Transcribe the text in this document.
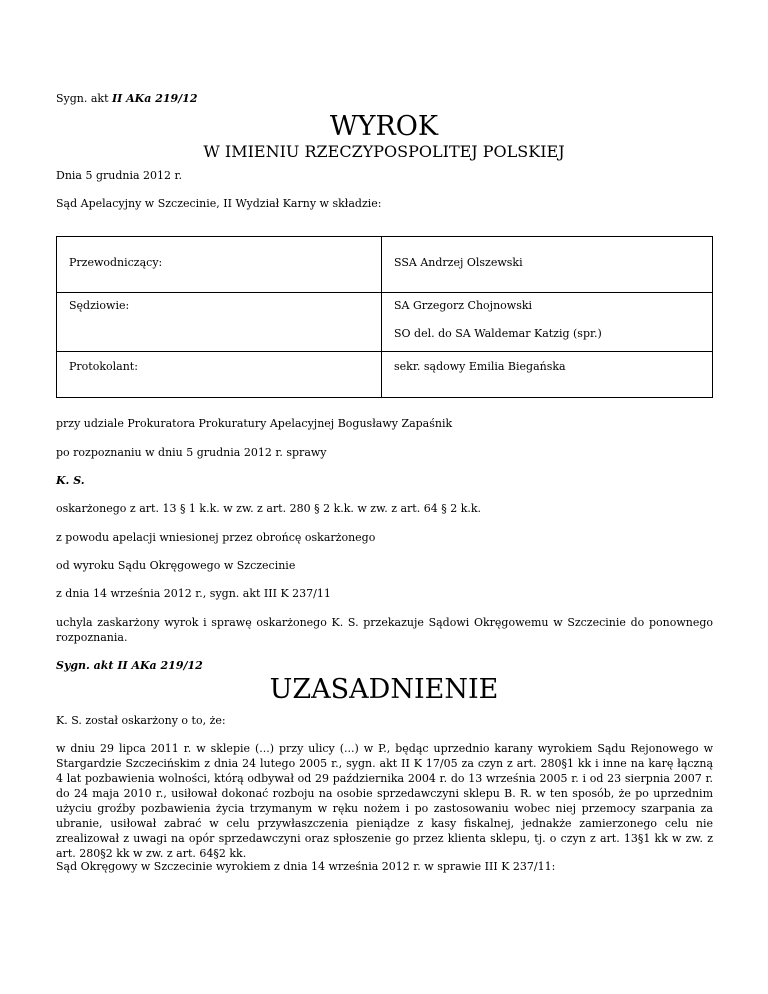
Sygn. akt II AKa 219/12
WYROK
W IMIENIU RZECZYPOSPOLITEJ POLSKIEJ
Dnia 5 grudnia 2012 r.
Sąd Apelacyjny w Szczecinie, II Wydział Karny w składzie:
Przewodniczący:	SSA Andrzej Olszewski

Sędziowie:	SA Grzegorz Chojnowski
SO del. do SA Waldemar Katzig (spr.)

Protokolant:	sekr. sądowy Emilia Biegańska
przy udziale Prokuratora Prokuratury Apelacyjnej Bogusławy Zapaśnik
po rozpoznaniu w dniu 5 grudnia 2012 r. sprawy
K. S.
oskarżonego z art. 13 § 1 k.k. w zw. z art. 280 § 2 k.k. w zw. z art. 64 § 2 k.k.
z powodu apelacji wniesionej przez obrońcę oskarżonego
od wyroku Sądu Okręgowego w Szczecinie
z dnia 14 września 2012 r., sygn. akt III K 237/11
uchyla zaskarżony wyrok i sprawę oskarżonego K. S. przekazuje Sądowi Okręgowemu w Szczecinie do ponownego rozpoznania.
Sygn. akt II AKa 219/12
UZASADNIENIE
K. S. został oskarżony o to, że:
w dniu 29 lipca 2011 r. w sklepie (...) przy ulicy (...) w P., będąc uprzednio karany wyrokiem Sądu Rejonowego w Stargardzie Szczecińskim z dnia 24 lutego 2005 r., sygn. akt II K 17/05 za czyn z art. 280§1 kk i inne na karę łączną 4 lat pozbawienia wolności, którą odbywał od 29 października 2004 r. do 13 września 2005 r. i od 23 sierpnia 2007 r. do 24 maja 2010 r., usiłował dokonać rozboju na osobie sprzedawczyni sklepu B. R. w ten sposób, że po uprzednim użyciu groźby pozbawienia życia trzymanym w ręku nożem i po zastosowaniu wobec niej przemocy szarpania za ubranie, usiłował zabrać w celu przywłaszczenia pieniądze z kasy fiskalnej, jednakże zamierzonego celu nie zrealizował z uwagi na opór sprzedawczyni oraz spłoszenie go przez klienta sklepu, tj. o czyn z art. 13§1 kk w zw. z art. 280§2 kk w zw. z art. 64§2 kk.
Sąd Okręgowy w Szczecinie wyrokiem z dnia 14 września 2012 r. w sprawie III K 237/11:
